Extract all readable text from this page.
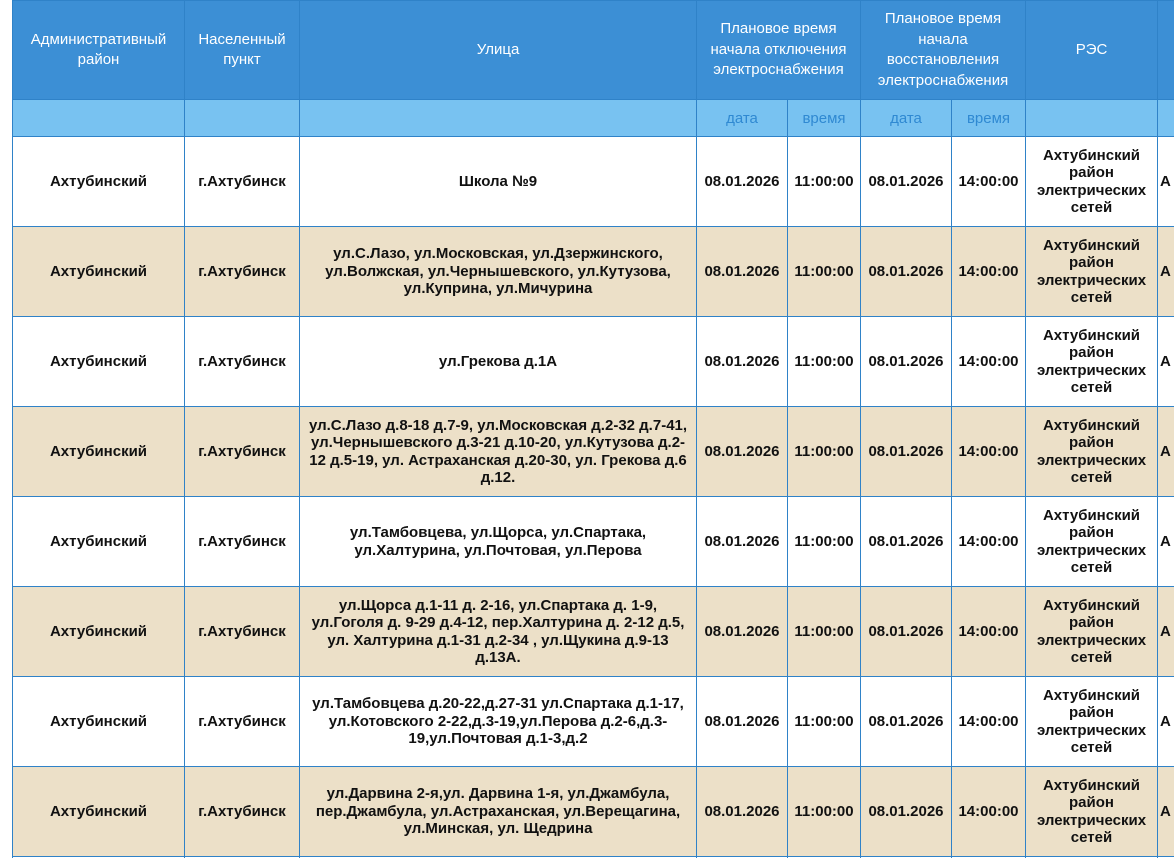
Административный район	Населенный пункт	Улица	Плановое время начала отключения электроснабжения		Плановое время начала восстановления электроснабжения		РЭС	
			дата	время	дата	время		
Ахтубинский	г.Ахтубинск	Школа №9	08.01.2026	11:00:00	08.01.2026	14:00:00	Ахтубинский район электрических сетей	А
Ахтубинский	г.Ахтубинск	ул.С.Лазо, ул.Московская, ул.Дзержинского, ул.Волжская, ул.Чернышевского, ул.Кутузова, ул.Куприна, ул.Мичурина	08.01.2026	11:00:00	08.01.2026	14:00:00	Ахтубинский район электрических сетей	А
Ахтубинский	г.Ахтубинск	ул.Грекова д.1А	08.01.2026	11:00:00	08.01.2026	14:00:00	Ахтубинский район электрических сетей	А
Ахтубинский	г.Ахтубинск	ул.С.Лазо д.8-18 д.7-9, ул.Московская д.2-32 д.7-41, ул.Чернышевского д.3-21 д.10-20, ул.Кутузова д.2-12 д.5-19, ул. Астраханская д.20-30, ул. Грекова д.6 д.12.	08.01.2026	11:00:00	08.01.2026	14:00:00	Ахтубинский район электрических сетей	А
Ахтубинский	г.Ахтубинск	ул.Тамбовцева, ул.Щорса, ул.Спартака, ул.Халтурина, ул.Почтовая, ул.Перова	08.01.2026	11:00:00	08.01.2026	14:00:00	Ахтубинский район электрических сетей	А
Ахтубинский	г.Ахтубинск	ул.Щорса д.1-11 д. 2-16, ул.Спартака д. 1-9, ул.Гоголя д. 9-29 д.4-12, пер.Халтурина д. 2-12 д.5, ул. Халтурина д.1-31 д.2-34 , ул.Щукина д.9-13 д.13А.	08.01.2026	11:00:00	08.01.2026	14:00:00	Ахтубинский район электрических сетей	А
Ахтубинский	г.Ахтубинск	ул.Тамбовцева д.20-22,д.27-31 ул.Спартака д.1-17, ул.Котовского 2-22,д.3-19,ул.Перова д.2-6,д.3-19,ул.Почтовая д.1-3,д.2	08.01.2026	11:00:00	08.01.2026	14:00:00	Ахтубинский район электрических сетей	А
Ахтубинский	г.Ахтубинск	ул.Дарвина 2-я,ул. Дарвина 1-я, ул.Джамбула, пер.Джамбула, ул.Астраханская, ул.Верещагина, ул.Минская, ул. Щедрина	08.01.2026	11:00:00	08.01.2026	14:00:00	Ахтубинский район электрических сетей	А
